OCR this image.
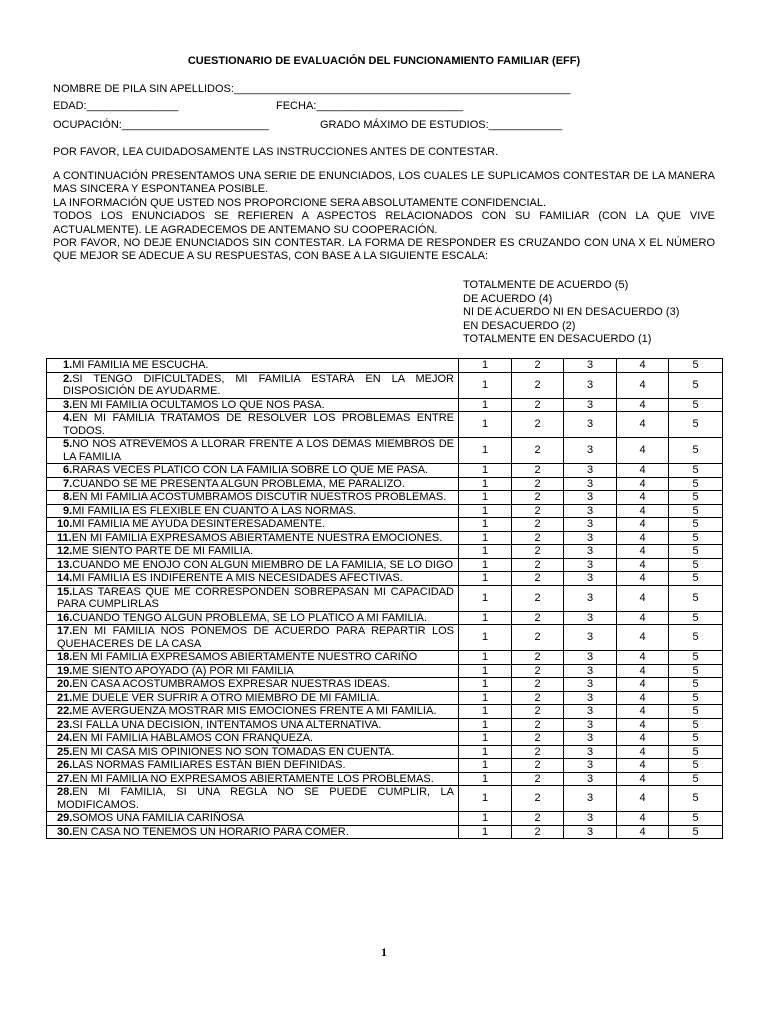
CUESTIONARIO DE EVALUACIÓN DEL FUNCIONAMIENTO FAMILIAR (EFF)
NOMBRE DE PILA SIN APELLIDOS:_______________________________________________________
EDAD:_______________	FECHA:________________________
OCUPACIÓN:________________________	GRADO MÁXIMO DE ESTUDIOS:____________

POR FAVOR, LEA CUIDADOSAMENTE LAS INSTRUCCIONES ANTES DE CONTESTAR.

A CONTINUACIÓN PRESENTAMOS UNA SERIE DE ENUNCIADOS, LOS CUALES LE SUPLICAMOS CONTESTAR DE LA MANERA MAS SINCERA Y ESPONTANEA POSIBLE.

LA INFORMACIÓN QUE USTED NOS PROPORCIONE SERA ABSOLUTAMENTE CONFIDENCIAL.

TODOS LOS ENUNCIADOS SE REFIEREN A ASPECTOS RELACIONADOS CON SU FAMILIAR (CON LA QUE VIVE ACTUALMENTE). LE AGRADECEMOS DE ANTEMANO SU COOPERACIÓN.

POR FAVOR, NO DEJE ENUNCIADOS SIN CONTESTAR. LA FORMA DE RESPONDER ES CRUZANDO CON UNA X EL NÚMERO QUE MEJOR SE ADECUE A SU RESPUESTAS, CON BASE A LA SIGUIENTE ESCALA:

TOTALMENTE DE ACUERDO (5)
DE ACUERDO (4)
NI DE ACUERDO NI EN DESACUERDO (3)
EN DESACUERDO (2)
TOTALMENTE EN DESACUERDO (1)
1.MI FAMILIA ME ESCUCHA.	1	2	3	4	5
2.SI TENGO DIFICULTADES, MI FAMILIA ESTARÁ EN LA MEJOR DISPOSICIÓN DE AYUDARME.	1	2	3	4	5
3.EN MI FAMILIA OCULTAMOS LO QUE NOS PASA.	1	2	3	4	5
4.EN MI FAMILIA TRATAMOS DE RESOLVER LOS PROBLEMAS ENTRE TODOS.	1	2	3	4	5
5.NO NOS ATREVEMOS A LLORAR FRENTE A LOS DEMAS MIEMBROS DE LA FAMILIA	1	2	3	4	5
6.RARAS VECES PLATICO CON LA FAMILIA SOBRE LO QUE ME PASA.	1	2	3	4	5
7.CUANDO SE ME PRESENTA ALGUN PROBLEMA, ME PARALIZO.	1	2	3	4	5
8.EN MI FAMILIA ACOSTUMBRAMOS DISCUTIR NUESTROS PROBLEMAS.	1	2	3	4	5
9.MI FAMILIA ES FLEXIBLE EN CUANTO A LAS NORMAS.	1	2	3	4	5
10.MI FAMILIA ME AYUDA DESINTERESADAMENTE.	1	2	3	4	5
11.EN MI FAMILIA EXPRESAMOS ABIERTAMENTE NUESTRA EMOCIONES.	1	2	3	4	5
12.ME SIENTO PARTE DE MI FAMILIA.	1	2	3	4	5
13.CUANDO ME ENOJO CON ALGUN MIEMBRO DE LA FAMILIA, SE LO DIGO	1	2	3	4	5
14.MI FAMILIA ES INDIFERENTE A MIS NECESIDADES AFECTIVAS.	1	2	3	4	5
15.LAS TAREAS QUE ME CORRESPONDEN SOBREPASAN MI CAPACIDAD PARA CUMPLIRLAS	1	2	3	4	5
16.CUANDO TENGO ALGUN PROBLEMA, SE LO PLATICO A MI FAMILIA.	1	2	3	4	5
17.EN MI FAMILIA NOS PONEMOS DE ACUERDO PARA REPARTIR LOS QUEHACERES DE LA CASA	1	2	3	4	5
18.EN MI FAMILIA EXPRESAMOS ABIERTAMENTE NUESTRO CARIÑO	1	2	3	4	5
19.ME SIENTO APOYADO (A) POR MI FAMILIA	1	2	3	4	5
20.EN CASA ACOSTUMBRAMOS EXPRESAR NUESTRAS IDEAS.	1	2	3	4	5
21.ME DUELE VER SUFRIR A OTRO MIEMBRO DE MI FAMILIA.	1	2	3	4	5
22.ME AVERGUENZA MOSTRAR MIS EMOCIONES FRENTE A MI FAMILIA.	1	2	3	4	5
23.SI FALLA UNA DECISIÓN, INTENTAMOS UNA ALTERNATIVA.	1	2	3	4	5
24.EN MI FAMILIA HABLAMOS CON FRANQUEZA.	1	2	3	4	5
25.EN MI CASA MIS OPINIONES NO SON TOMADAS EN CUENTA.	1	2	3	4	5
26.LAS NORMAS FAMILIARES ESTÁN BIEN DEFINIDAS.	1	2	3	4	5
27.EN MI FAMILIA NO EXPRESAMOS ABIERTAMENTE LOS PROBLEMAS.	1	2	3	4	5
28.EN MI FAMILIA, SI UNA REGLA NO SE PUEDE CUMPLIR, LA MODIFICAMOS.	1	2	3	4	5
29.SOMOS UNA FAMILIA CARIÑOSA	1	2	3	4	5
30.EN CASA NO TENEMOS UN HORARIO PARA COMER.	1	2	3	4	5
1
